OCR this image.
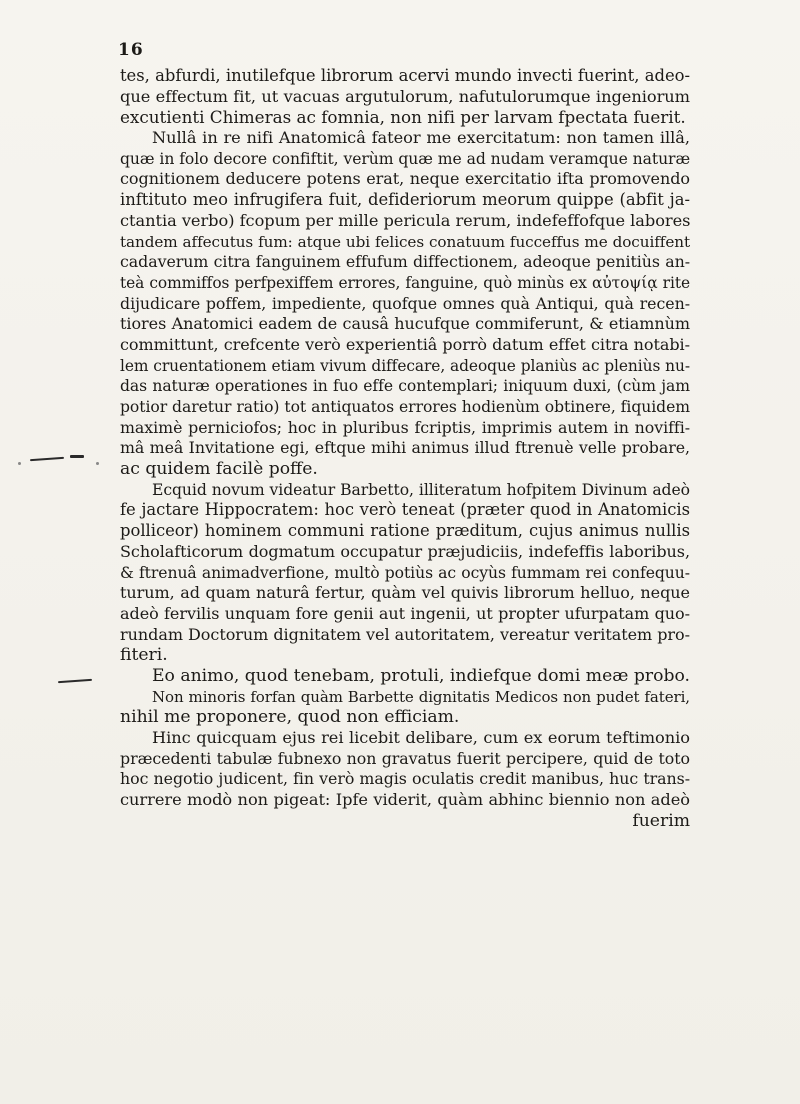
16
tes, abfurdi, inutilefque librorum acervi mundo invecti fuerint, adeo-
que effectum fit, ut vacuas argutulorum, nafutulorumque ingeniorum
excutienti Chimeras ac fomnia, non nifi per larvam fpectata fuerit.
Nullâ in re nifi Anatomicâ fateor me exercitatum: non tamen illâ,
quæ in folo decore confiftit, verùm quæ me ad nudam veramque naturæ
cognitionem deducere potens erat, neque exercitatio ifta promovendo
inftituto meo infrugifera fuit, defideriorum meorum quippe (abfit ja-
ctantia verbo) fcopum per mille pericula rerum, indefeffofque labores
tandem affecutus fum: atque ubi felices conatuum fucceffus me docuiffent
cadaverum citra fanguinem effufum diffectionem, adeoque penitiùs an-
teà commiffos perfpexiffem errores, fanguine, quò minùs ex αὐτοψίᾳ rite
dijudicare poffem, impediente, quofque omnes quà Antiqui, quà recen-
tiores Anatomici eadem de causâ hucufque commiferunt, & etiamnùm
committunt, crefcente verò experientiâ porrò datum effet citra notabi-
lem cruentationem etiam vivum diffecare, adeoque planiùs ac pleniùs nu-
das naturæ operationes in fuo effe contemplari; iniquum duxi, (cùm jam
potior daretur ratio) tot antiquatos errores hodienùm obtinere, fiquidem
maximè perniciofos; hoc in pluribus fcriptis, imprimis autem in noviffi-
mâ meâ Invitatione egi, eftque mihi animus illud ftrenuè velle probare,
ac quidem facilè poffe.
Ecquid novum videatur Barbetto, illiteratum hofpitem Divinum adeò
fe jactare Hippocratem: hoc verò teneat (præter quod in Anatomicis
polliceor) hominem communi ratione præditum, cujus animus nullis
Scholafticorum dogmatum occupatur præjudiciis, indefeffis laboribus,
& ftrenuâ animadverfione, multò potiùs ac ocyùs fummam rei confequu-
turum, ad quam naturâ fertur, quàm vel quivis librorum helluo, neque
adeò fervilis unquam fore genii aut ingenii, ut propter ufurpatam quo-
rundam Doctorum dignitatem vel autoritatem, vereatur veritatem pro-
fiteri.
Eo animo, quod tenebam, protuli, indiefque domi meæ probo.
Non minoris forfan quàm Barbette dignitatis Medicos non pudet fateri,
nihil me proponere, quod non efficiam.
Hinc quicquam ejus rei licebit delibare, cum ex eorum teftimonio
præcedenti tabulæ fubnexo non gravatus fuerit percipere, quid de toto
hoc negotio judicent, fin verò magis oculatis credit manibus, huc trans-
currere modò non pigeat: Ipfe viderit, quàm abhinc biennio non adeò
fuerim
